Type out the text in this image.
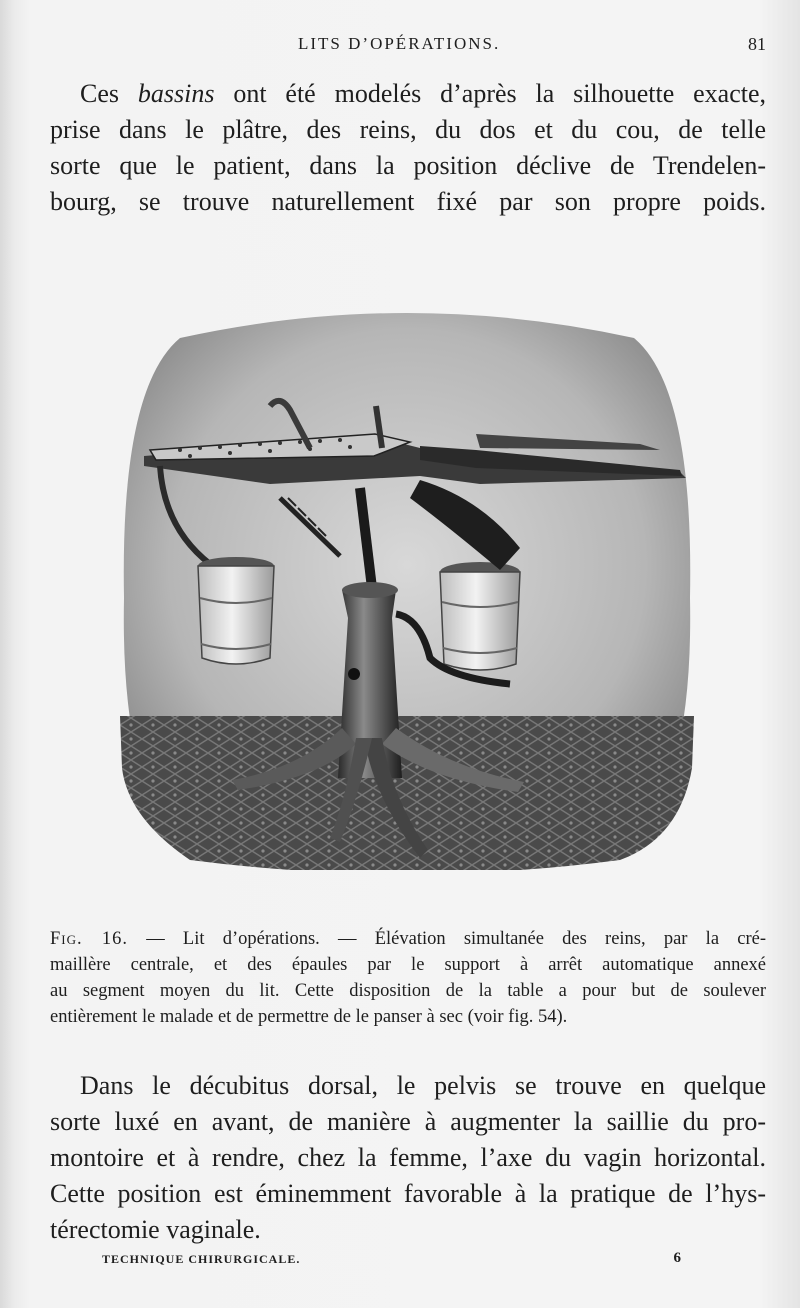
LITS D’OPÉRATIONS.	81
Ces bassins ont été modelés d’après la silhouette exacte,
prise dans le plâtre, des reins, du dos et du cou, de telle
sorte que le patient, dans la position déclive de Trendelen-
bourg, se trouve naturellement fixé par son propre poids.
Fig. 16. — Lit d’opérations. — Élévation simultanée des reins, par la cré-
maillère centrale, et des épaules par le support à arrêt automatique annexé
au segment moyen du lit. Cette disposition de la table a pour but de soulever
entièrement le malade et de permettre de le panser à sec (voir fig. 54).
Dans le décubitus dorsal, le pelvis se trouve en quelque
sorte luxé en avant, de manière à augmenter la saillie du pro-
montoire et à rendre, chez la femme, l’axe du vagin horizontal.
Cette position est éminemment favorable à la pratique de l’hys-
térectomie vaginale.
TECHNIQUE CHIRURGICALE.	6
